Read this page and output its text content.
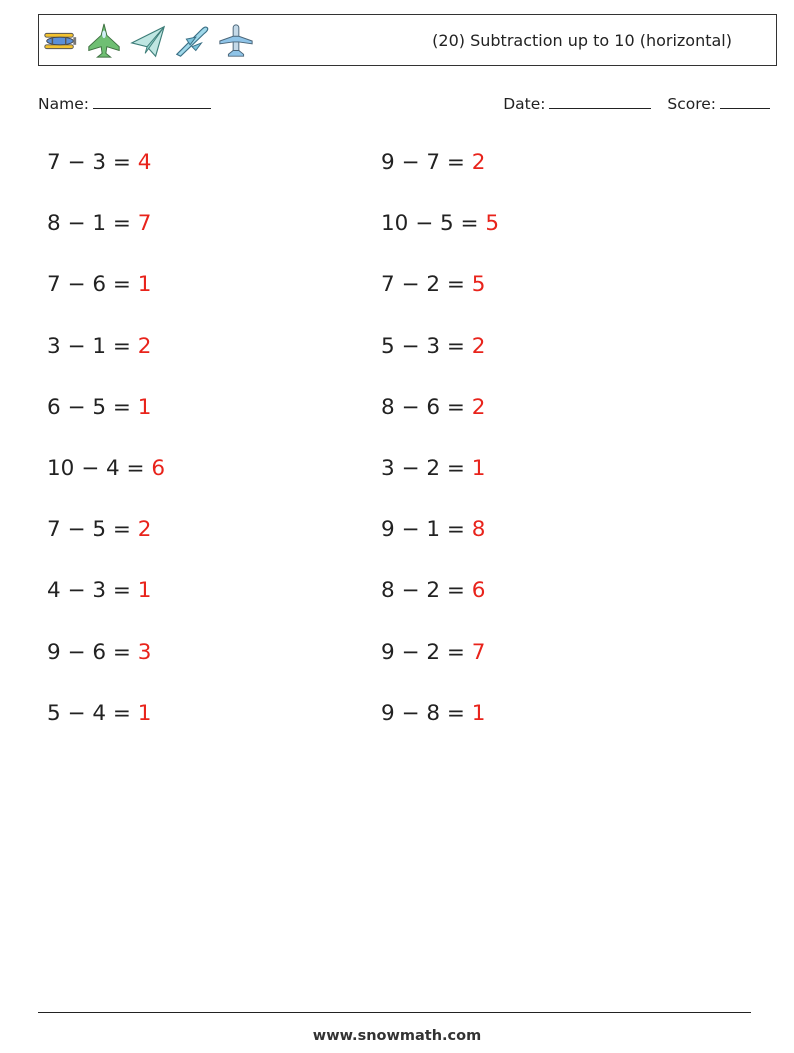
(20) Subtraction up to 10 (horizontal)
Name:	Date:	Score:
7 − 3 = 4
8 − 1 = 7
7 − 6 = 1
3 − 1 = 2
6 − 5 = 1
10 − 4 = 6
7 − 5 = 2
4 − 3 = 1
9 − 6 = 3
5 − 4 = 1
9 − 7 = 2
10 − 5 = 5
7 − 2 = 5
5 − 3 = 2
8 − 6 = 2
3 − 2 = 1
9 − 1 = 8
8 − 2 = 6
9 − 2 = 7
9 − 8 = 1
www.snowmath.com
